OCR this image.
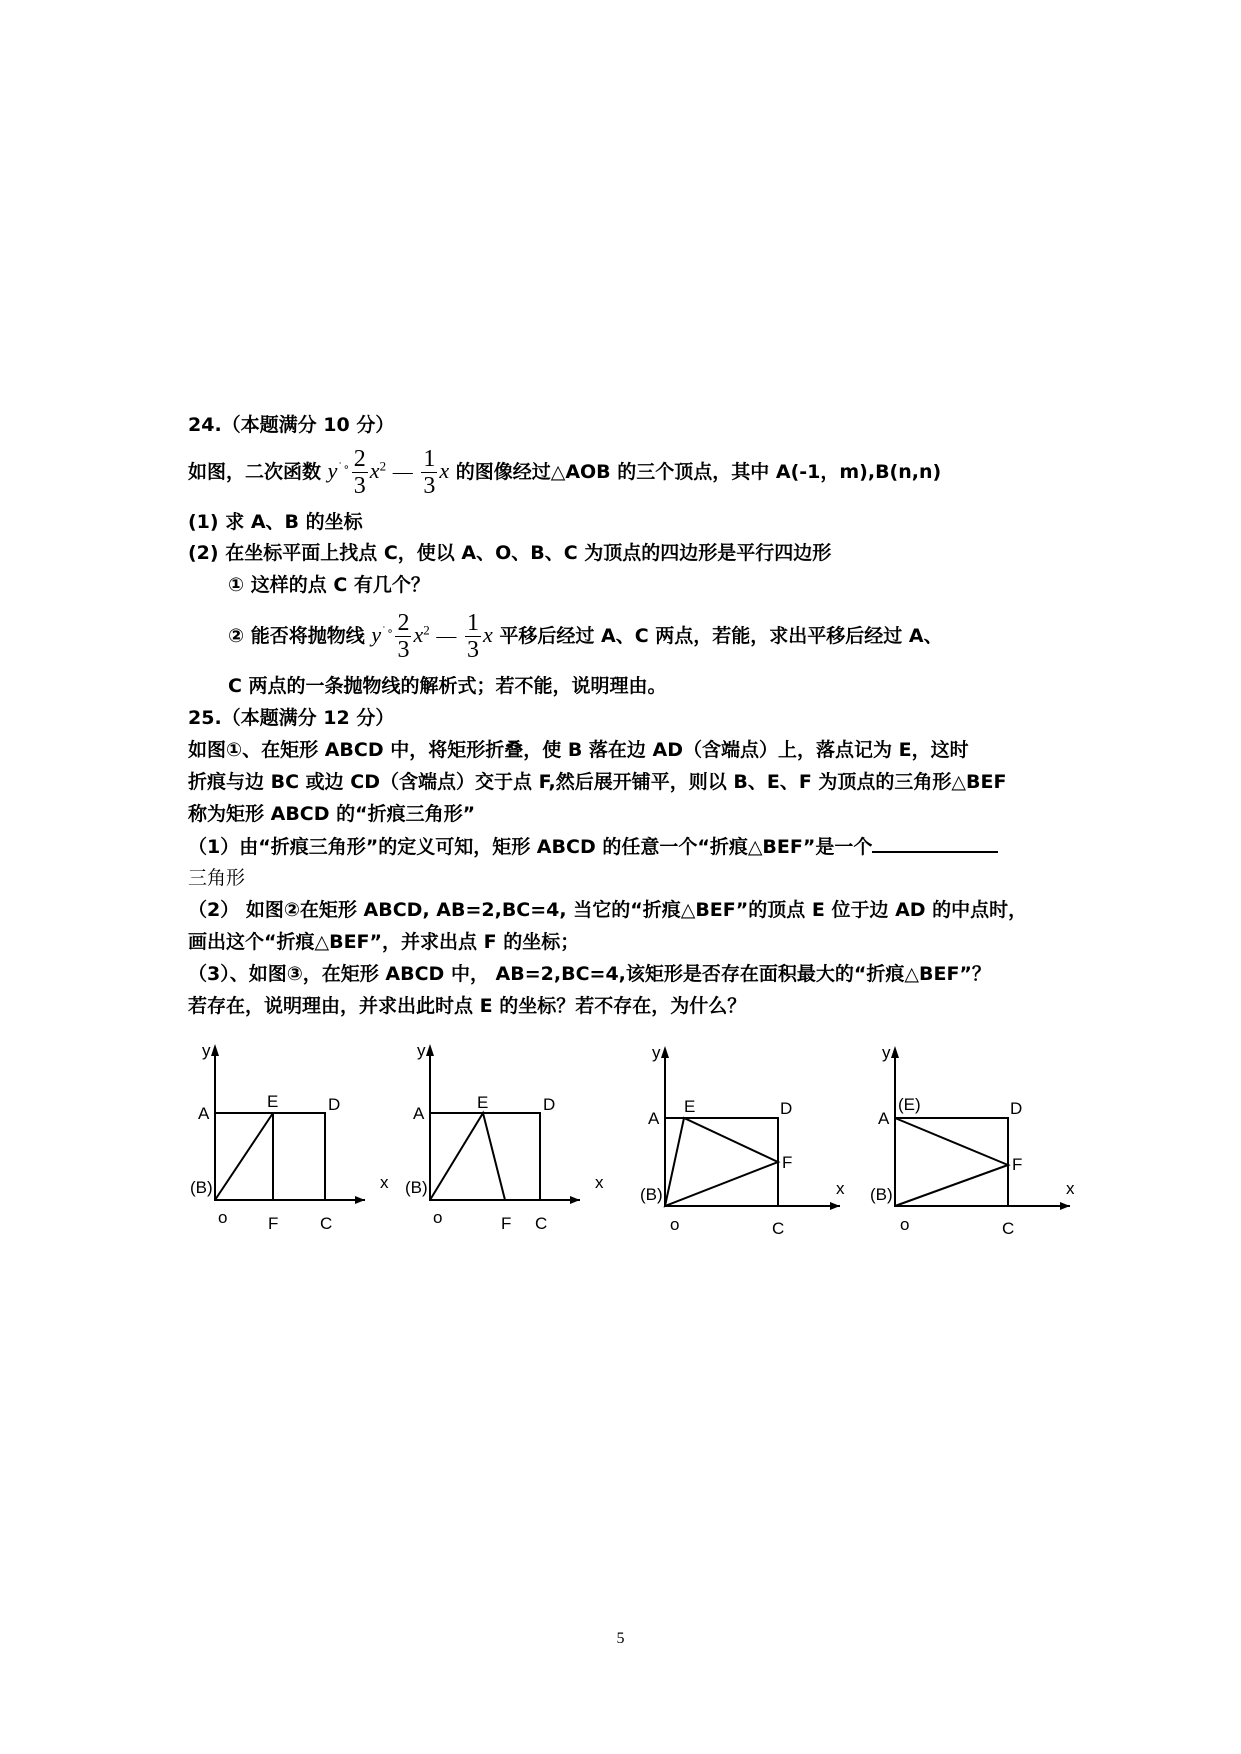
24.（本题满分 10 分）
如图，二次函数 $y^{˙\circ} \frac{2}{3} x^2$ — $\frac{1}{3}$ x 的图像经过△AOB 的三个顶点，其中 A(-1，m),B(n,n)
(1) 求 A、B 的坐标
(2) 在坐标平面上找点 C，使以 A、O、B、C 为顶点的四边形是平行四边形
① 这样的点 C 有几个？
② 能否将抛物线 $y^{˙\circ} \frac{2}{3} x^2$ — $\frac{1}{3}$ x 平移后经过 A、C 两点，若能，求出平移后经过 A、
C 两点的一条抛物线的解析式；若不能，说明理由。
25.（本题满分 12 分）
如图①、在矩形 ABCD 中，将矩形折叠，使 B 落在边 AD（含端点）上，落点记为 E，这时
折痕与边 BC 或边 CD（含端点）交于点 F,然后展开铺平，则以 B、E、F 为顶点的三角形△BEF
称为矩形 ABCD 的“折痕三角形”
（1）由“折痕三角形”的定义可知，矩形 ABCD 的任意一个“折痕△BEF”是一个
三角形
（2） 如图②在矩形 ABCD, AB=2,BC=4, 当它的“折痕△BEF”的顶点 E 位于边 AD 的中点时，
画出这个“折痕△BEF”，并求出点 F 的坐标；
（3）、如图③，在矩形 ABCD 中， AB=2,BC=4,该矩形是否存在面积最大的“折痕△BEF”？
若存在，说明理由，并求出此时点 E 的坐标？若不存在，为什么？
y
x
A
E	D
(B)
o F C
y
x
A
E	D
(B)
o	F C
y
x
A
E	D
F
(B)
o	C
y
x
A
(E)	D
F
(B)
o	C
5
